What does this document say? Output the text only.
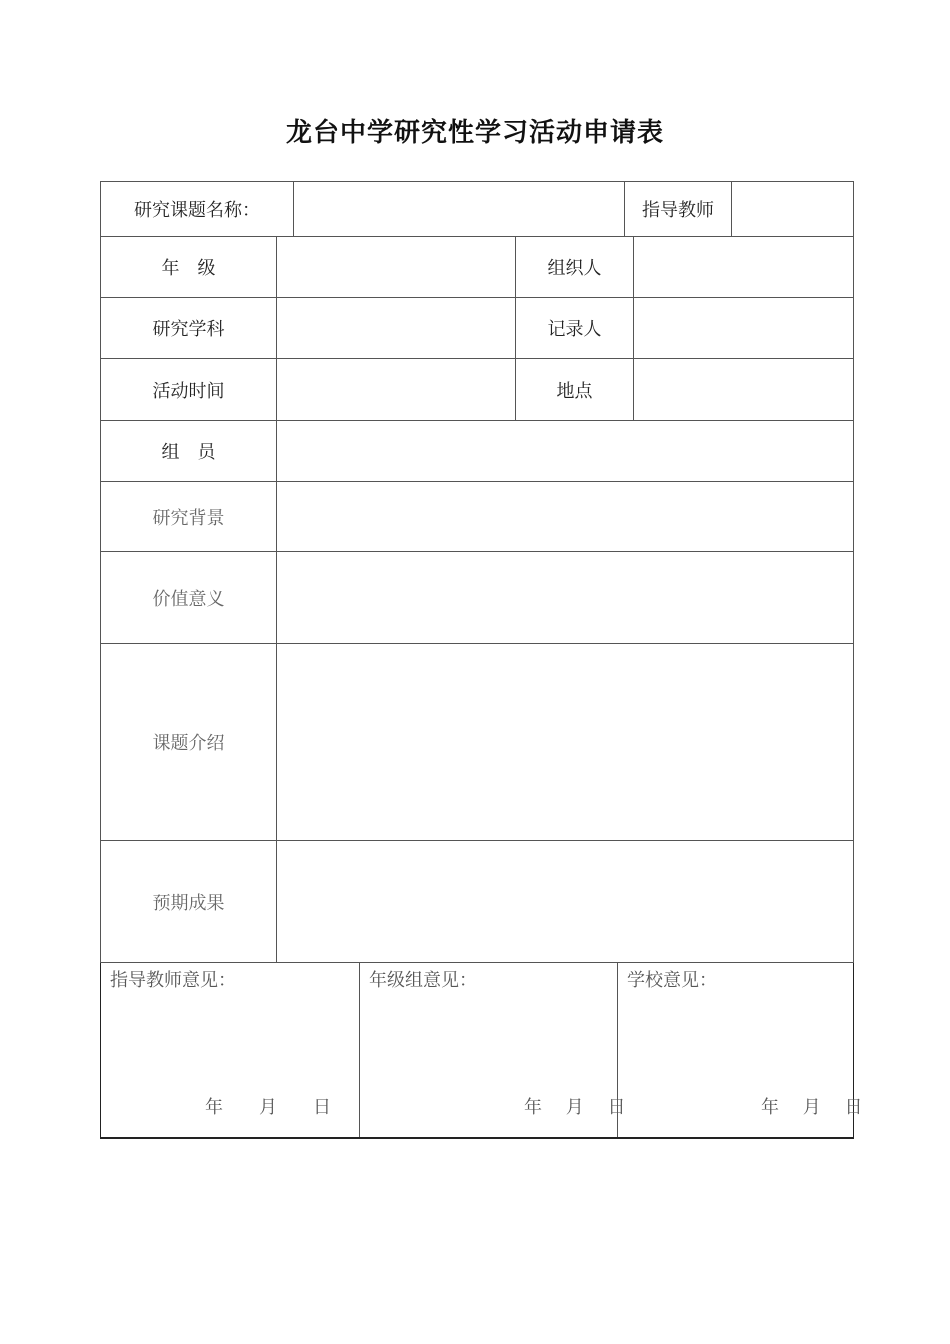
龙台中学研究性学习活动申请表
研究课题名称：	指导教师
年　级	组织人
研究学科	记录人
活动时间	地点
组　员
研究背景
价值意义
课题介绍
预期成果
指导教师意见：
年　　月　　日
年级组意见：
年　 月　 日
学校意见：
年　 月　 日
